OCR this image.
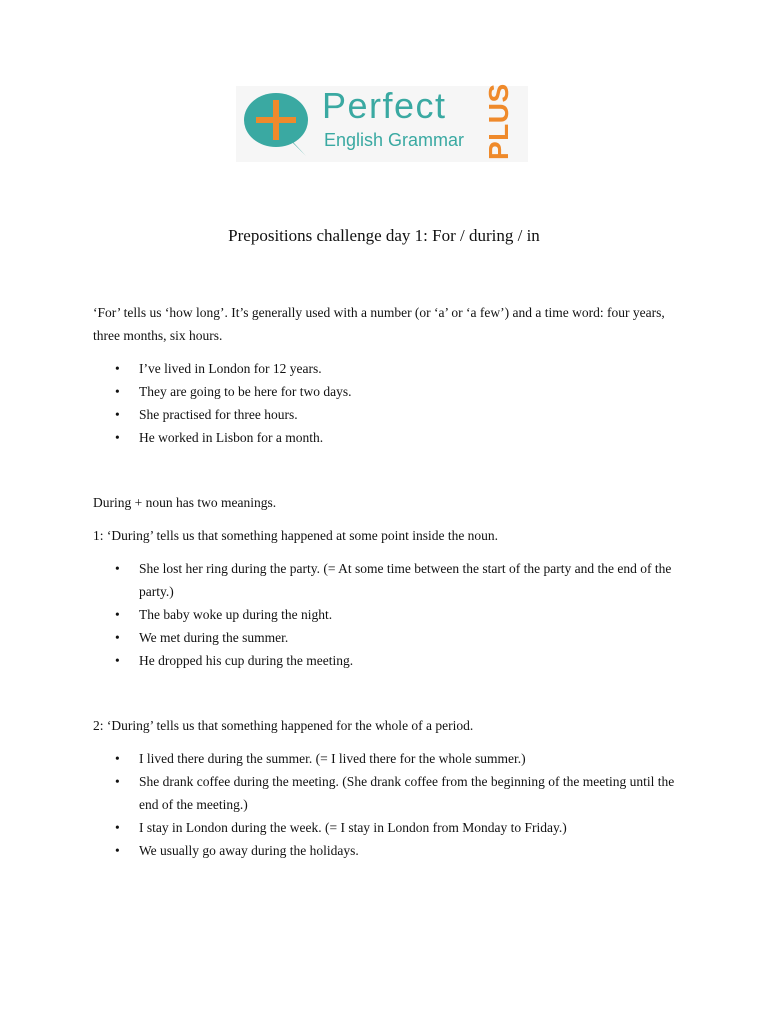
Perfect
English Grammar PLUS
Prepositions challenge day 1: For / during / in
‘For’ tells us ‘how long’. It’s generally used with a number (or ‘a’ or ‘a few’) and a time word: four years, three months, six hours.
• I’ve lived in London for 12 years.
• They are going to be here for two days.
• She practised for three hours.
• He worked in Lisbon for a month.
During + noun has two meanings.
1: ‘During’ tells us that something happened at some point inside the noun.
• She lost her ring during the party. (= At some time between the start of the party and the end of the party.)
• The baby woke up during the night.
• We met during the summer.
• He dropped his cup during the meeting.
2: ‘During’ tells us that something happened for the whole of a period.
• I lived there during the summer. (= I lived there for the whole summer.)
• She drank coffee during the meeting. (She drank coffee from the beginning of the meeting until the end of the meeting.)
• I stay in London during the week. (= I stay in London from Monday to Friday.)
• We usually go away during the holidays.
